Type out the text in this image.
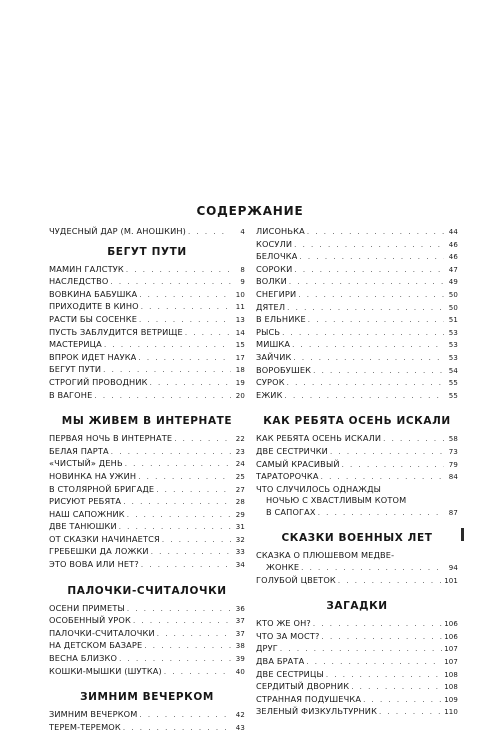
СОДЕРЖАНИЕ
ЧУДЕСНЫЙ ДАР (М. АНОШКИН) . . .	4
БЕГУТ ПУТИ
МАМИН ГАЛСТУК . . .	8
НАСЛЕДСТВО . . .	9
ВОВКИНА БАБУШКА . . .	10
ПРИХОДИТЕ В КИНО . . .	11
РАСТИ БЫ СОСЕНКЕ . . .	13
ПУСТЬ ЗАБЛУДИТСЯ ВЕТРИЩЕ . . .	14
МАСТЕРИЦА . . .	15
ВПРОК ИДЕТ НАУКА . . .	17
БЕГУТ ПУТИ . . .	18
СТРОГИЙ ПРОВОДНИК . . .	19
В ВАГОНЕ . . .	20
МЫ ЖИВЕМ В ИНТЕРНАТЕ
ПЕРВАЯ НОЧЬ В ИНТЕРНАТЕ . . .	22
БЕЛАЯ ПАРТА . . .	23
«ЧИСТЫЙ» ДЕНЬ . . .	24
НОВИНКА НА УЖИН . . .	25
В СТОЛЯРНОЙ БРИГАДЕ . . .	27
РИСУЮТ РЕБЯТА . . .	28
НАШ САПОЖНИК . . .	29
ДВЕ ТАНЮШКИ . . .	31
ОТ СКАЗКИ НАЧИНАЕТСЯ . . .	32
ГРЕБЕШКИ ДА ЛОЖКИ . . .	33
ЭТО ВОВА ИЛИ НЕТ? . . .	34
ПАЛОЧКИ-СЧИТАЛОЧКИ
ОСЕНИ ПРИМЕТЫ . . .	36
ОСОБЕННЫЙ УРОК . . .	37
ПАЛОЧКИ-СЧИТАЛОЧКИ . . .	37
НА ДЕТСКОМ БАЗАРЕ . . .	38
ВЕСНА БЛИЗКО . . .	39
КОШКИ-МЫШКИ (ШУТКА) . . .	40
ЗИМНИМ ВЕЧЕРКОМ
ЗИМНИМ ВЕЧЕРКОМ . . .	42
ТЕРЕМ-ТЕРЕМОК . . .	43
ЛИСОНЬКА . . .	44
КОСУЛИ . . .	46
БЕЛОЧКА . . .	46
СОРОКИ . . .	47
ВОЛКИ . . .	49
СНЕГИРИ . . .	50
ДЯТЕЛ . . .	50
В ЕЛЬНИКЕ . . .	51
РЫСЬ . . .	53
МИШКА . . .	53
ЗАЙЧИК . . .	53
ВОРОБУШЕК . . .	54
СУРОК . . .	55
ЕЖИК . . .	55
КАК РЕБЯТА ОСЕНЬ ИСКАЛИ
КАК РЕБЯТА ОСЕНЬ ИСКАЛИ . . .	58
ДВЕ СЕСТРИЧКИ . . .	73
САМЫЙ КРАСИВЫЙ . . .	79
ТАРАТОРОЧКА . . .	84
ЧТО СЛУЧИЛОСЬ ОДНАЖДЫ
НОЧЬЮ С ХВАСТЛИВЫМ КОТОМ
В САПОГАХ . . .	87
СКАЗКИ ВОЕННЫХ ЛЕТ
СКАЗКА О ПЛЮШЕВОМ МЕДВЕ-
ЖОНКЕ . . .	94
ГОЛУБОЙ ЦВЕТОК . . .	101
ЗАГАДКИ
КТО ЖЕ ОН? . . .	106
ЧТО ЗА МОСТ? . . .	106
ДРУГ . . .	107
ДВА БРАТА . . .	107
ДВЕ СЕСТРИЦЫ . . .	108
СЕРДИТЫЙ ДВОРНИК . . .	108
СТРАННАЯ ПОДУШЕЧКА . . .	109
ЗЕЛЕНЫЙ ФИЗКУЛЬТУРНИК . . .	110
